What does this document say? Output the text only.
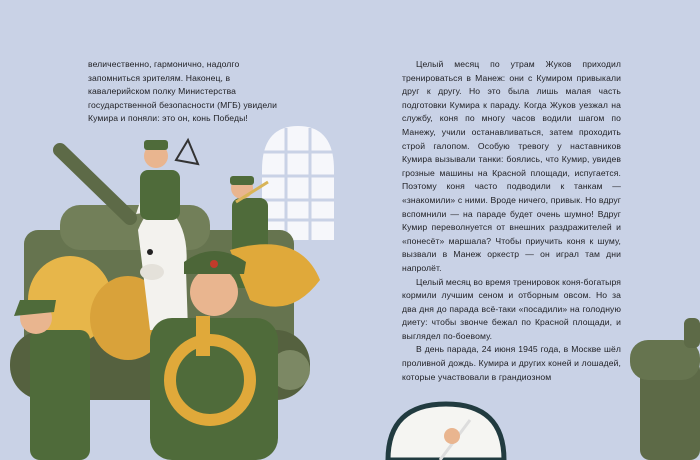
величественно, гармонично, надолго запомниться зрителям. Наконец, в кавалерийском полку Министерства государственной безопасности (МГБ) увидели Кумира и поняли: это он, конь Победы!

Целый месяц по утрам Жуков приходил тренироваться в Манеж: они с Кумиром привыкали друг к другу. Но это была лишь малая часть подготовки Кумира к параду. Когда Жуков уезжал на службу, коня по многу часов водили шагом по Манежу, учили останавливаться, затем проходить строй галопом. Особую тревогу у наставников Кумира вызывали танки: боялись, что Кумир, увидев грозные машины на Красной площади, испугается. Поэтому коня часто подводили к танкам — «знакомили» с ними. Вроде ничего, привык. Но вдруг вспомнили — на параде будет очень шумно! Вдруг Кумир переволнуется от внешних раздражителей и «понесёт» маршала? Чтобы приучить коня к шуму, вызвали в Манеж оркестр — он играл там дни напролёт.

Целый месяц во время тренировок коня-богатыря кормили лучшим сеном и отборным овсом. Но за два дня до парада всё-таки «посадили» на голодную диету: чтобы звонче бежал по Красной площади, и выглядел по-боевому.

В день парада, 24 июня 1945 года, в Москве шёл проливной дождь. Кумира и других коней и лошадей, которые участвовали в грандиозном
